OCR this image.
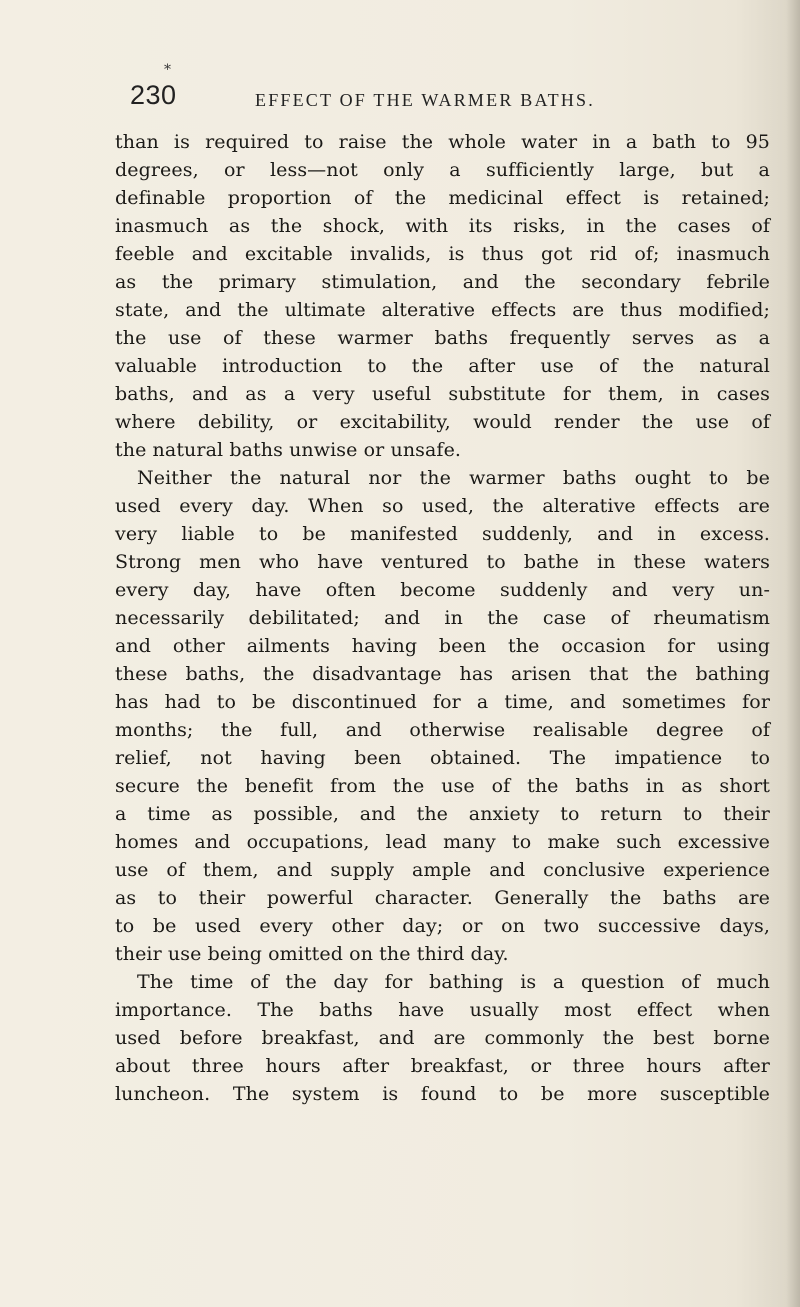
*
230	EFFECT OF THE WARMER BATHS.
than is required to raise the whole water in a bath to 95
degrees, or less—not only a sufficiently large, but a
definable proportion of the medicinal effect is retained;
inasmuch as the shock, with its risks, in the cases of
feeble and excitable invalids, is thus got rid of; inasmuch
as the primary stimulation, and the secondary febrile
state, and the ultimate alterative effects are thus modified;
the use of these warmer baths frequently serves as a
valuable introduction to the after use of the natural
baths, and as a very useful substitute for them, in cases
where debility, or excitability, would render the use of
the natural baths unwise or unsafe.
Neither the natural nor the warmer baths ought to be
used every day. When so used, the alterative effects are
very liable to be manifested suddenly, and in excess.
Strong men who have ventured to bathe in these waters
every day, have often become suddenly and very un-
necessarily debilitated; and in the case of rheumatism
and other ailments having been the occasion for using
these baths, the disadvantage has arisen that the bathing
has had to be discontinued for a time, and sometimes for
months; the full, and otherwise realisable degree of
relief, not having been obtained. The impatience to
secure the benefit from the use of the baths in as short
a time as possible, and the anxiety to return to their
homes and occupations, lead many to make such excessive
use of them, and supply ample and conclusive experience
as to their powerful character. Generally the baths are
to be used every other day; or on two successive days,
their use being omitted on the third day.
The time of the day for bathing is a question of much
importance. The baths have usually most effect when
used before breakfast, and are commonly the best borne
about three hours after breakfast, or three hours after
luncheon. The system is found to be more susceptible
